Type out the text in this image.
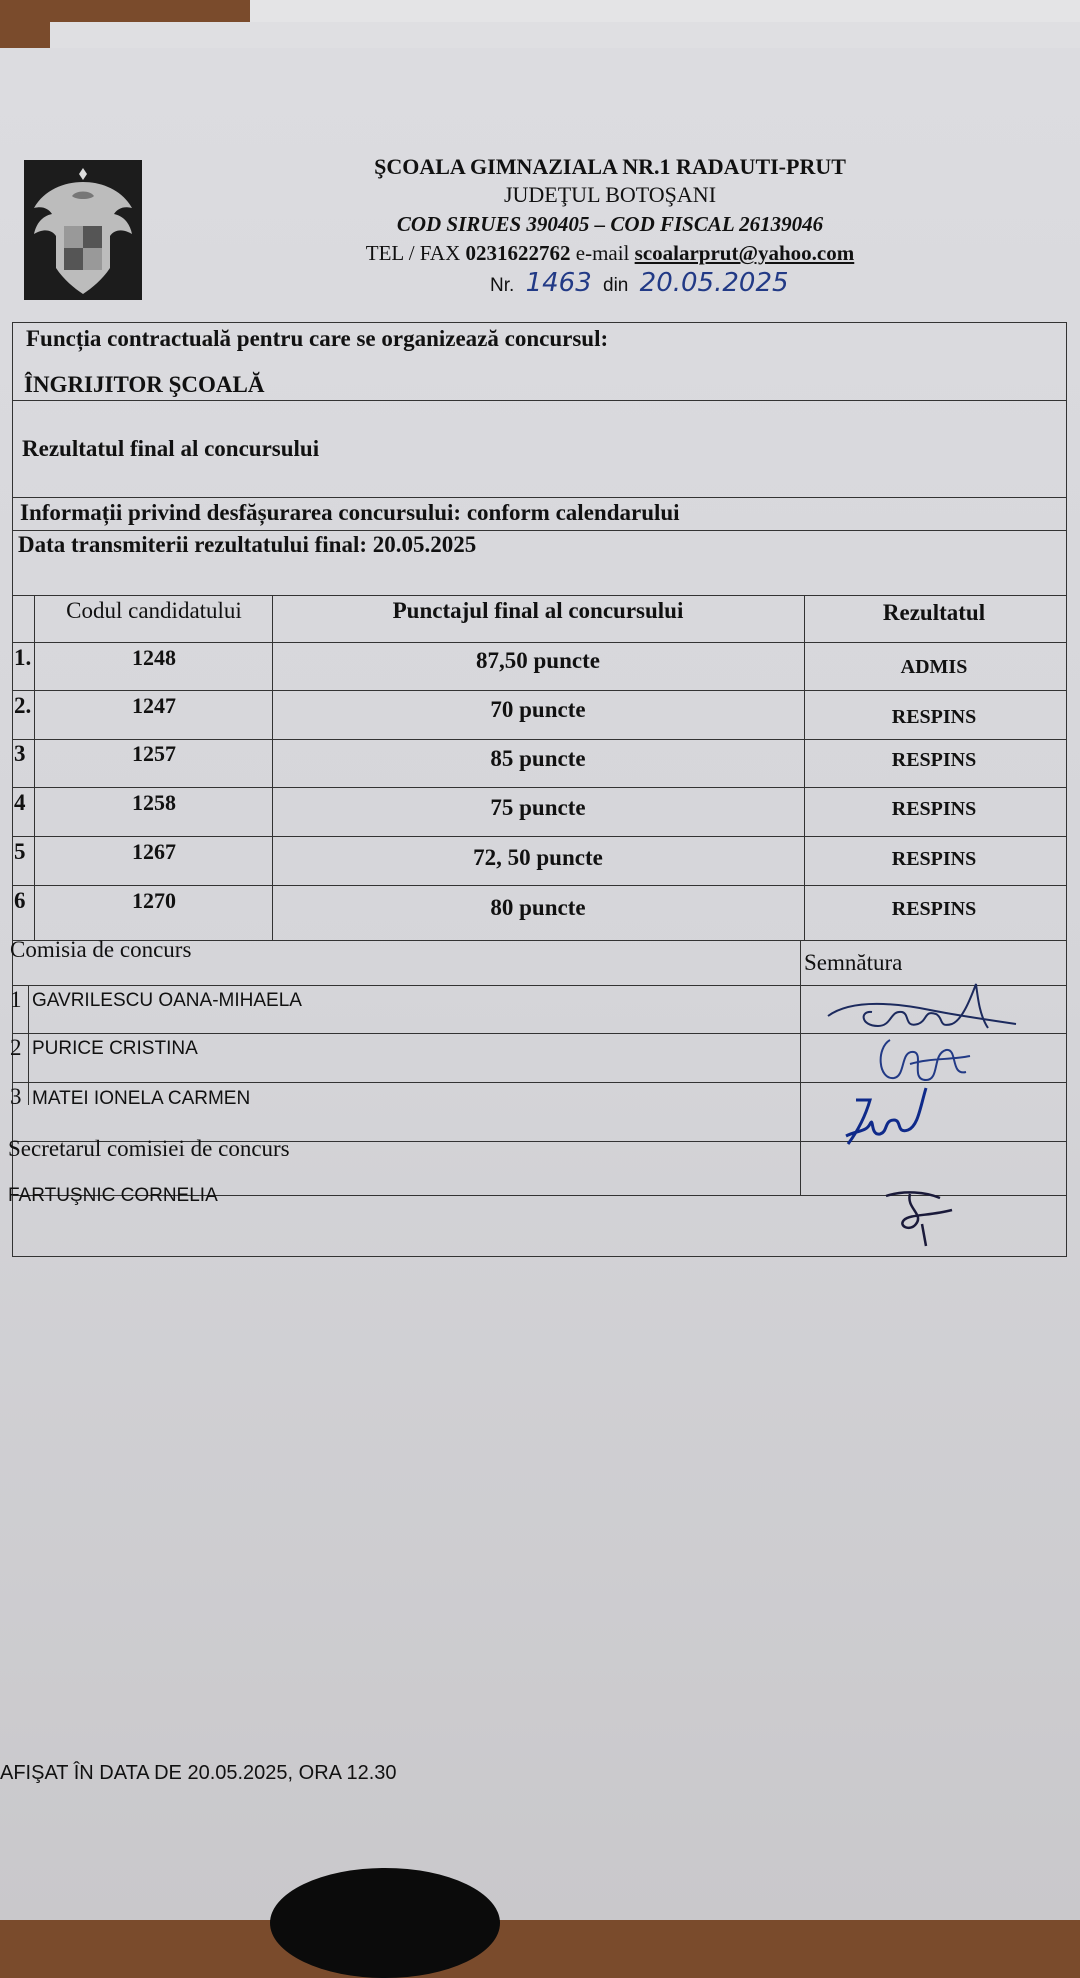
ŞCOALA GIMNAZIALA NR.1 RADAUTI-PRUT
JUDEŢUL BOTOŞANI
COD SIRUES 390405 – COD FISCAL 26139046
TEL / FAX 0231622762 e-mail scoalarprut@yahoo.com
Nr. 1463 din 20.05.2025
Funcția contractuală pentru care se organizează concursul:
ÎNGRIJITOR ŞCOALĂ
Rezultatul final al concursului
Informații privind desfășurarea concursului: conform calendarului
Data transmiterii rezultatului final: 20.05.2025
Codul candidatului	Punctajul final al concursului	Rezultatul
1.	1248	87,50 puncte	ADMIS
2.	1247	70 puncte	RESPINS
3	1257	85 puncte	RESPINS
4	1258	75 puncte	RESPINS
5	1267	72, 50 puncte	RESPINS
6	1270	80 puncte	RESPINS
Comisia de concurs
Semnătura
1 GAVRILESCU OANA-MIHAELA
2 PURICE CRISTINA
3 MATEI IONELA CARMEN
Secretarul comisiei de concurs
FARTUŞNIC CORNELIA
AFIŞAT ÎN DATA DE 20.05.2025, ORA 12.30
